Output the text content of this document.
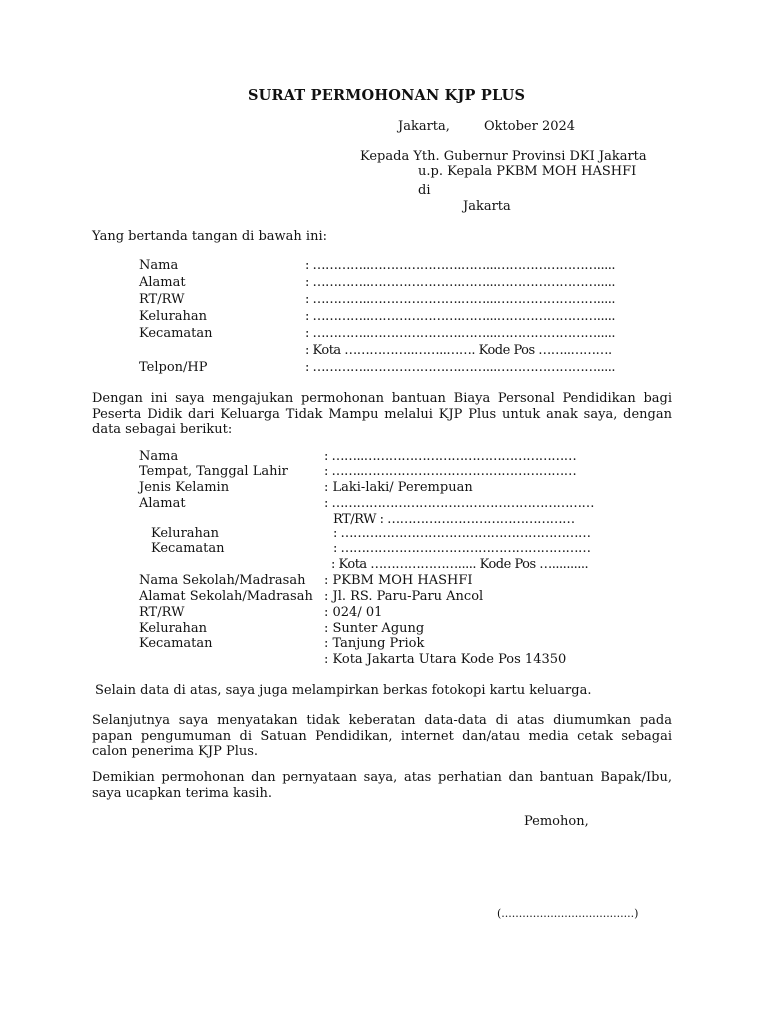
SURAT PERMOHONAN KJP PLUS
Jakarta,	Oktober 2024
Kepada Yth. Gubernur Provinsi DKI Jakarta
u.p. Kepala PKBM MOH HASHFI
di
Jakarta
Yang bertanda tangan di bawah ini:
Nama	: …………..………………….……...…………………….....
Alamat	: …………..………………….……...…………………….....
RT/RW	: …………..………………….……...…………………….....
Kelurahan	: …………..………………….……...…………………….....
Kecamatan	: …………..………………….……...…………………….....
: Kota ……………..……..……. Kode Pos ……..……….
Telpon/HP	: …………..………………….……...…………………….....
Dengan ini saya mengajukan permohonan bantuan Biaya Personal Pendidikan bagi Peserta Didik dari Keluarga Tidak Mampu melalui KJP Plus untuk anak saya, dengan data sebagai berikut:
Nama	: ……..……………………………………………
Tempat, Tanggal Lahir	: ……..……………………………………………
Jenis Kelamin	: Laki-laki/ Perempuan
Alamat	: ………………………………………………………
RT/RW : ………………………………………
Kelurahan	: ……………………………………………………
Kecamatan	: ……………………………………………………
: Kota …………………..... Kode Pos …..........
Nama Sekolah/Madrasah : PKBM MOH HASHFI
Alamat Sekolah/Madrasah : Jl. RS. Paru-Paru Ancol
RT/RW	: 024/ 01
Kelurahan	: Sunter Agung
Kecamatan	: Tanjung Priok
: Kota Jakarta Utara Kode Pos 14350
Selain data di atas, saya juga melampirkan berkas fotokopi kartu keluarga.
Selanjutnya saya menyatakan tidak keberatan data-data di atas diumumkan pada papan pengumuman di Satuan Pendidikan, internet dan/atau media cetak sebagai calon penerima KJP Plus.
Demikian permohonan dan pernyataan saya, atas perhatian dan bantuan Bapak/Ibu, saya ucapkan terima kasih.
Pemohon,
(......................................)
